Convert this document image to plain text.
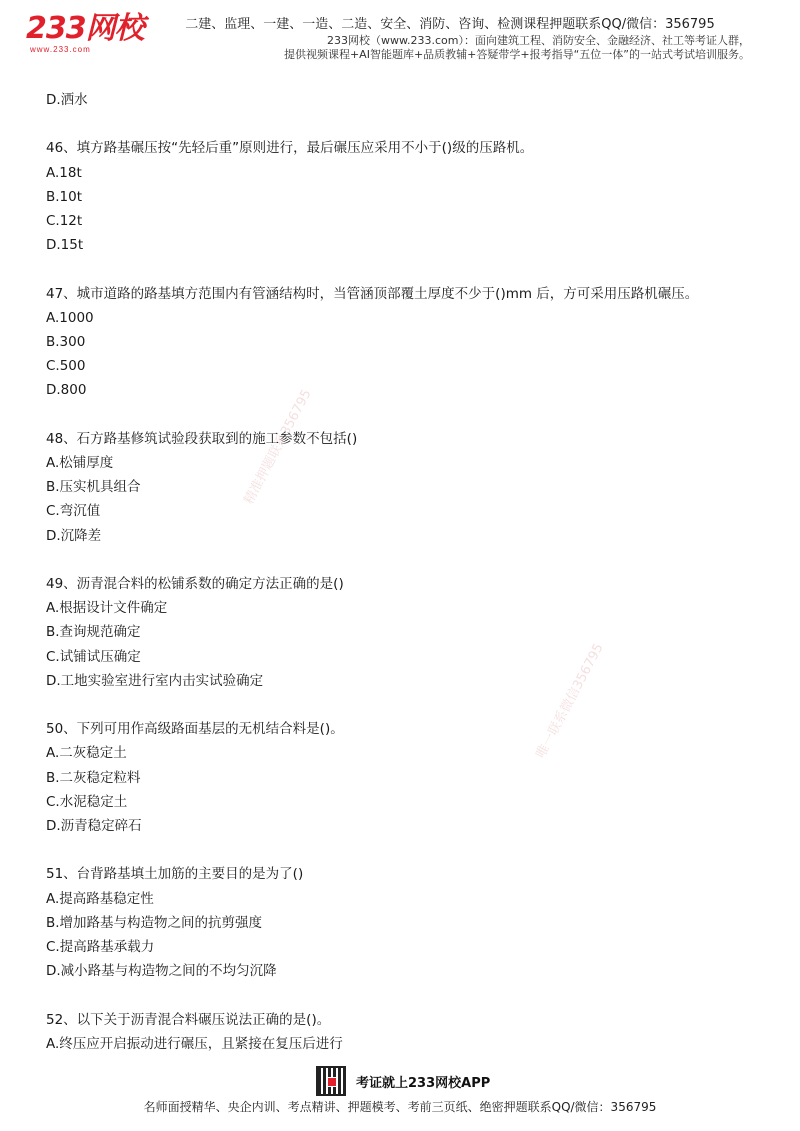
233网校
www.233.com
二建、监理、一建、一造、二造、安全、消防、咨询、检测课程押题联系QQ/微信：356795
233网校（www.233.com）：面向建筑工程、消防安全、金融经济、社工等考证人群，
提供视频课程+AI智能题库+品质教辅+答疑带学+报考指导“五位一体”的一站式考试培训服务。
精准押题联系356795
唯一联系微信356795
D.洒水
46、填方路基碾压按“先轻后重”原则进行，最后碾压应采用不小于()级的压路机。
A.18t
B.10t
C.12t
D.15t
47、城市道路的路基填方范围内有管涵结构时，当管涵顶部覆土厚度不少于()mm 后，方可采用压路机碾压。
A.1000
B.300
C.500
D.800
48、石方路基修筑试验段获取到的施工参数不包括()
A.松铺厚度
B.压实机具组合
C.弯沉值
D.沉降差
49、沥青混合料的松铺系数的确定方法正确的是()
A.根据设计文件确定
B.查询规范确定
C.试铺试压确定
D.工地实验室进行室内击实试验确定
50、下列可用作高级路面基层的无机结合料是()。
A.二灰稳定土
B.二灰稳定粒料
C.水泥稳定土
D.沥青稳定碎石
51、台背路基填土加筋的主要目的是为了()
A.提高路基稳定性
B.增加路基与构造物之间的抗剪强度
C.提高路基承载力
D.减小路基与构造物之间的不均匀沉降
52、以下关于沥青混合料碾压说法正确的是()。
A.终压应开启振动进行碾压，且紧接在复压后进行
考证就上233网校APP
名师面授精华、央企内训、考点精讲、押题模考、考前三页纸、绝密押题联系QQ/微信：356795
